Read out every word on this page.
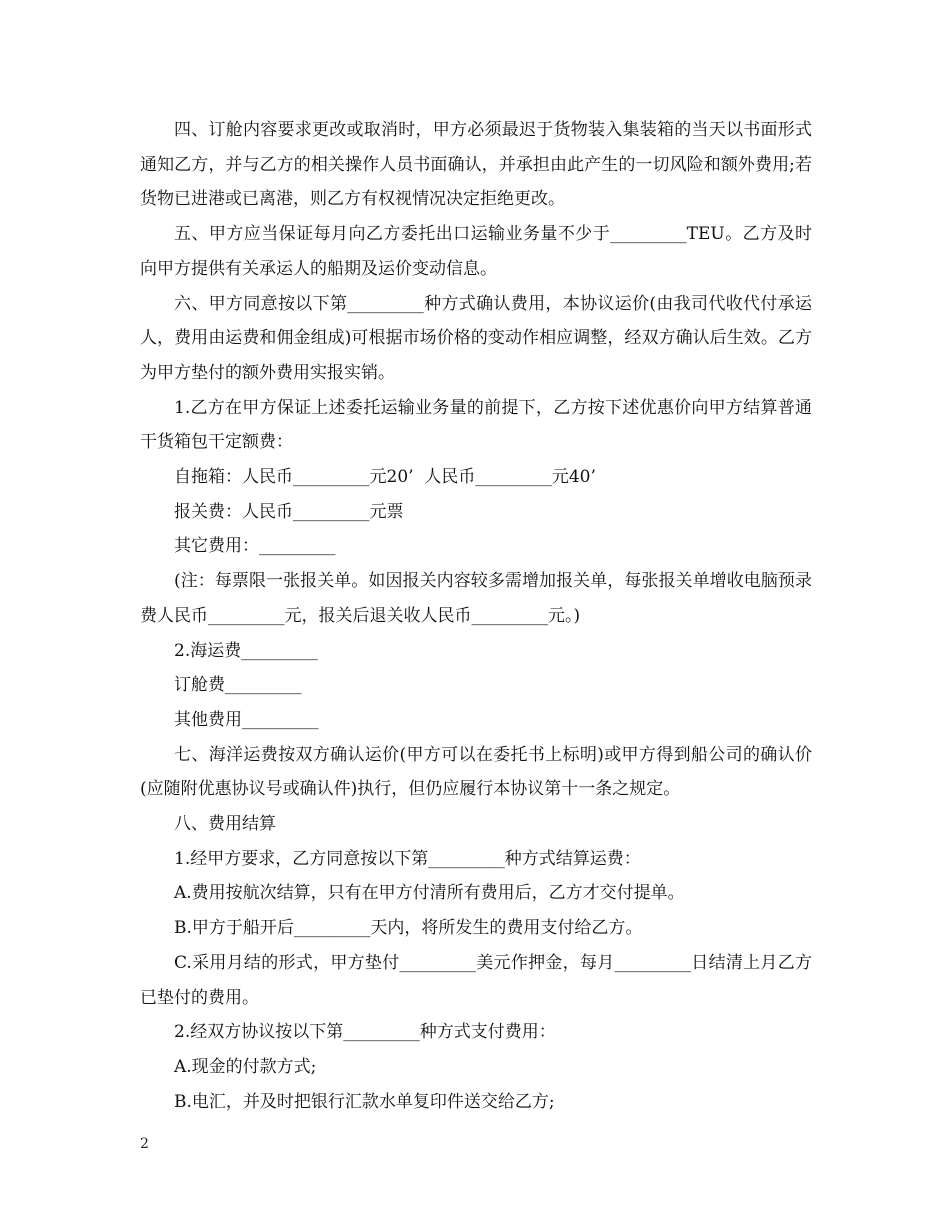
四、订舱内容要求更改或取消时，甲方必须最迟于货物装入集装箱的当天以书面形式通知乙方，并与乙方的相关操作人员书面确认，并承担由此产生的一切风险和额外费用;若货物已进港或已离港，则乙方有权视情况决定拒绝更改。

五、甲方应当保证每月向乙方委托出口运输业务量不少于_________TEU。乙方及时向甲方提供有关承运人的船期及运价变动信息。

六、甲方同意按以下第_________种方式确认费用，本协议运价(由我司代收代付承运人，费用由运费和佣金组成)可根据市场价格的变动作相应调整，经双方确认后生效。乙方为甲方垫付的额外费用实报实销。

1.乙方在甲方保证上述委托运输业务量的前提下，乙方按下述优惠价向甲方结算普通干货箱包干定额费：

自拖箱：人民币_________元20’  人民币_________元40’

报关费：人民币_________元票

其它费用：_________

(注：每票限一张报关单。如因报关内容较多需增加报关单，每张报关单增收电脑预录费人民币_________元，报关后退关收人民币_________元。)

2.海运费_________

订舱费_________

其他费用_________

七、海洋运费按双方确认运价(甲方可以在委托书上标明)或甲方得到船公司的确认价(应随附优惠协议号或确认件)执行，但仍应履行本协议第十一条之规定。

八、费用结算

1.经甲方要求，乙方同意按以下第_________种方式结算运费：

A.费用按航次结算，只有在甲方付清所有费用后，乙方才交付提单。

B.甲方于船开后_________天内，将所发生的费用支付给乙方。

C.采用月结的形式，甲方垫付_________美元作押金，每月_________日结清上月乙方已垫付的费用。

2.经双方协议按以下第_________种方式支付费用：

A.现金的付款方式;

B.电汇，并及时把银行汇款水单复印件送交给乙方;

2
